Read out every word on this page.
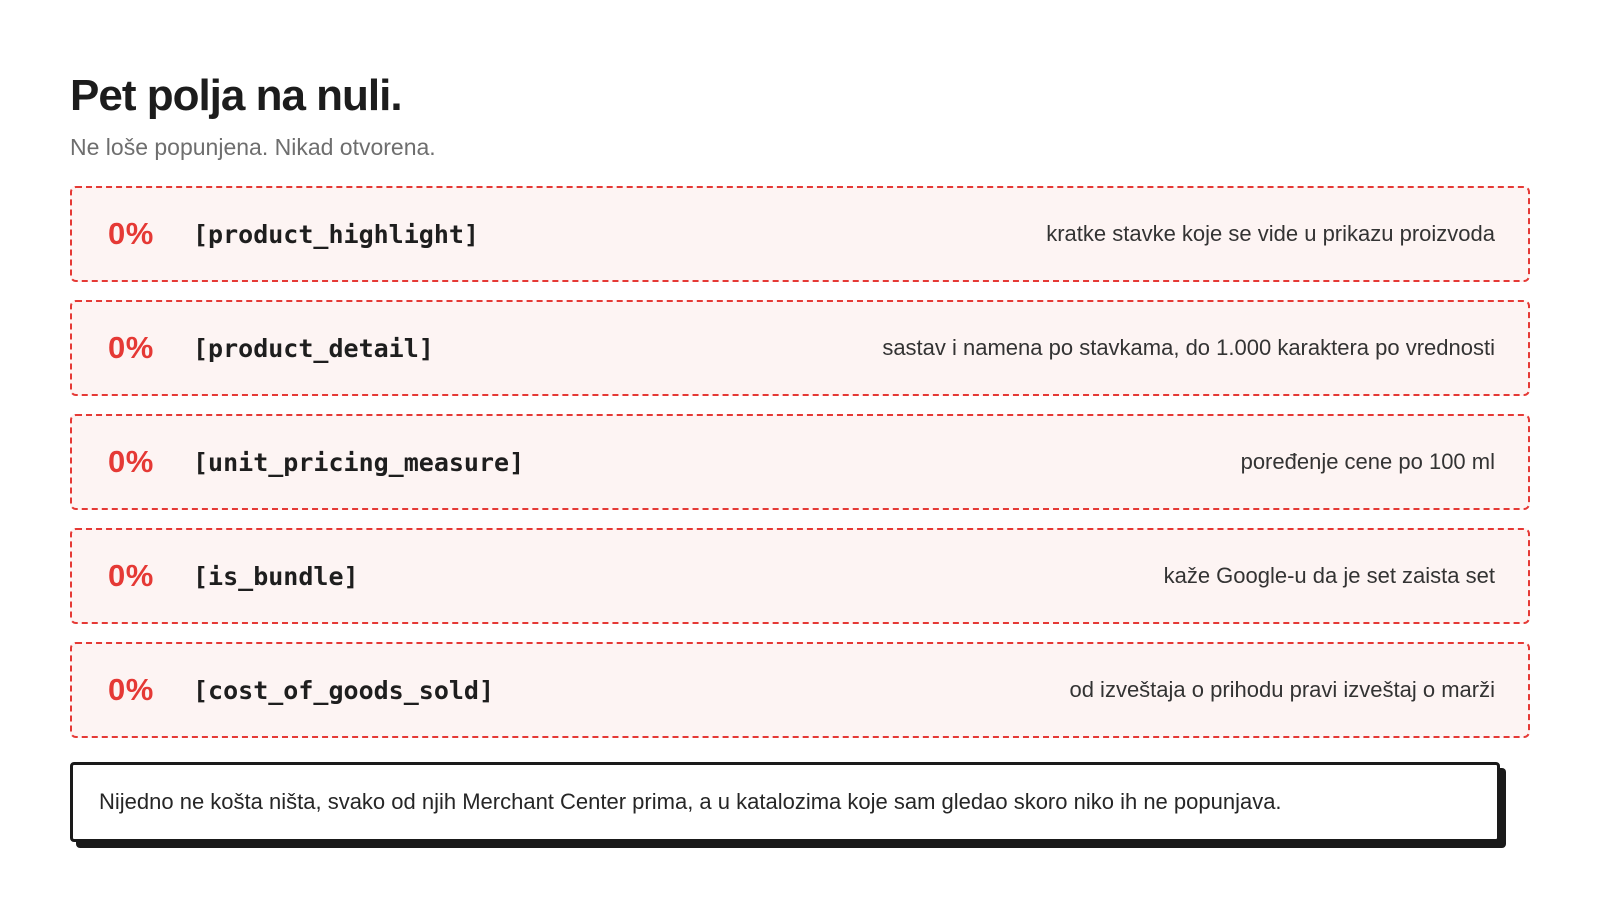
Pet polja na nuli.

Ne loše popunjena. Nikad otvorena.

0%	[product_highlight]	kratke stavke koje se vide u prikazu proizvoda
0%	[product_detail]	sastav i namena po stavkama, do 1.000 karaktera po vrednosti
0%	[unit_pricing_measure]	poređenje cene po 100 ml
0%	[is_bundle]	kaže Google-u da je set zaista set
0%	[cost_of_goods_sold]	od izveštaja o prihodu pravi izveštaj o marži
Nijedno ne košta ništa, svako od njih Merchant Center prima, a u katalozima koje sam gledao skoro niko ih ne popunjava.
